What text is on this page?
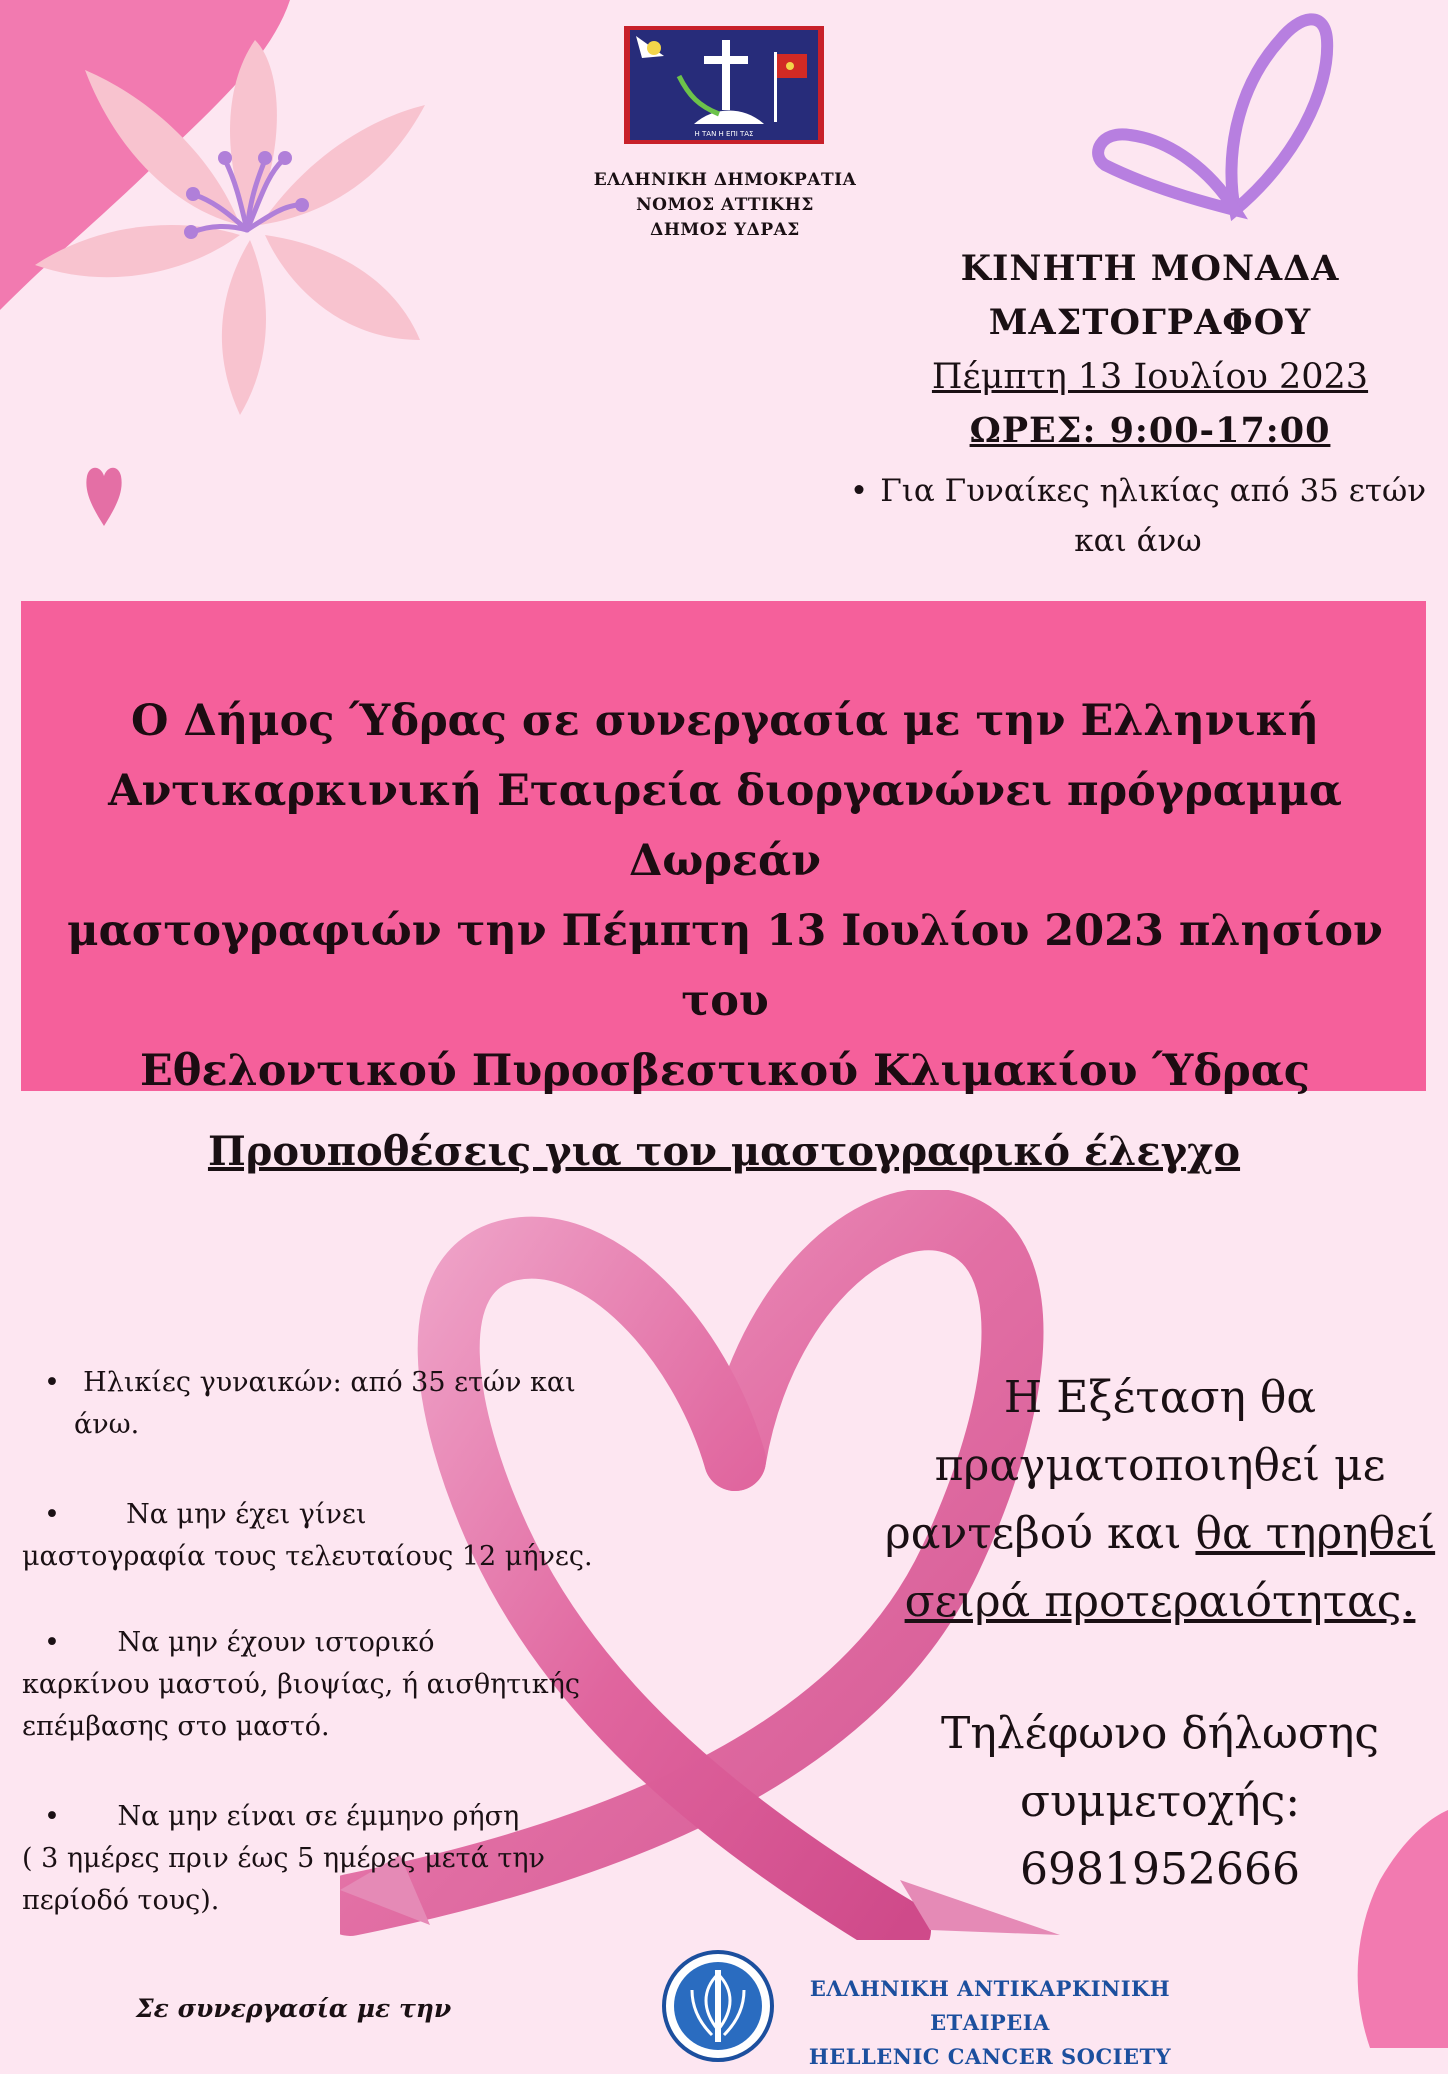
Η ΤΑΝ Η ΕΠΙ ΤΑΣ
ΕΛΛΗΝΙΚΗ ΔΗΜΟΚΡΑΤΙΑ
ΝΟΜΟΣ ΑΤΤΙΚΗΣ
ΔΗΜΟΣ ΥΔΡΑΣ
ΚΙΝΗΤΗ ΜΟΝΑΔΑ
ΜΑΣΤΟΓΡΑΦΟΥ
Πέμπτη 13 Ιουλίου 2023
ΩΡΕΣ: 9:00-17:00
• Για Γυναίκες ηλικίας από 35 ετών
και άνω
Ο Δήμος Ύδρας σε συνεργασία με την Ελληνική
Αντικαρκινική Εταιρεία διοργανώνει πρόγραμμα Δωρεάν
μαστογραφιών την Πέμπτη 13 Ιουλίου 2023 πλησίον του
Εθελοντικού Πυροσβεστικού Κλιμακίου Ύδρας
Προυποθέσεις για τον μαστογραφικό έλεγχο
• Ηλικίες γυναικών: από 35 ετών και
άνω.
• Να μην έχει γίνει
μαστογραφία τους τελευταίους 12 μήνες.
• Να μην έχουν ιστορικό
καρκίνου μαστού, βιοψίας, ή αισθητικής
επέμβασης στο μαστό.
• Να μην είναι σε έμμηνο ρήση
( 3 ημέρες πριν έως 5 ημέρες μετά την
περίοδό τους).
Η Εξέταση θα
πραγματοποιηθεί με
ραντεβού και θα τηρηθεί
σειρά προτεραιότητας.
Τηλέφωνο δήλωσης
συμμετοχής: 6981952666
Σε συνεργασία με την
ΕΛΛΗΝΙΚΗ ΑΝΤΙΚΑΡΚΙΝΙΚΗ ΕΤΑΙΡΕΙΑ
HELLENIC CANCER SOCIETY
